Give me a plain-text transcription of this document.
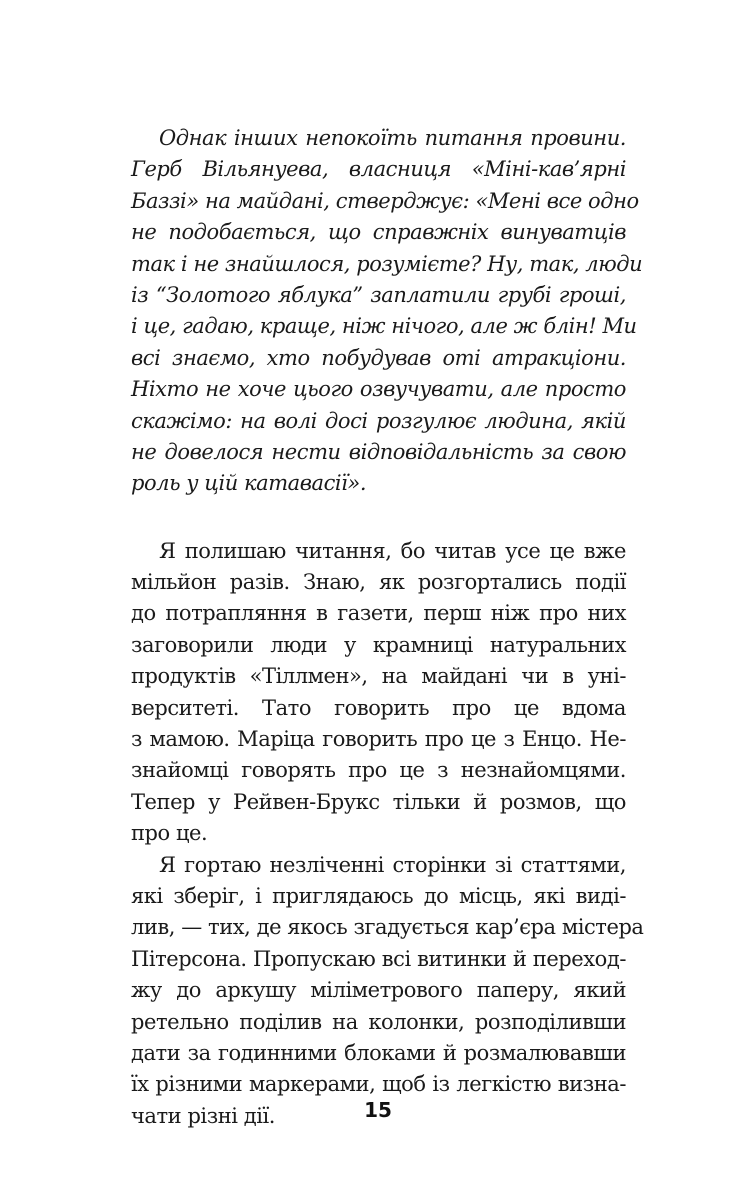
Однак інших непокоїть питання провини.
Герб Вільянуева, власниця «Міні-кав’ярні
Баззі» на майдані, стверджує: «Мені все одно
не подобається, що справжніх винуватців
так і не знайшлося, розумієте? Ну, так, люди
із “Золотого яблука” заплатили грубі гроші,
і це, гадаю, краще, ніж нічого, але ж блін! Ми
всі знаємо, хто побудував оті атракціони.
Ніхто не хоче цього озвучувати, але просто
скажімо: на волі досі розгулює людина, якій
не довелося нести відповідальність за свою
роль у цій катавасії».
Я полишаю читання, бо читав усе це вже
мільйон разів. Знаю, як розгортались події
до потрапляння в газети, перш ніж про них
заговорили люди у крамниці натуральних
продуктів «Тіллмен», на майдані чи в уні-
верситеті. Тато говорить про це вдома
з мамою. Маріца говорить про це з Енцо. Не-
знайомці говорять про це з незнайомцями.
Тепер у Рейвен-Брукс тільки й розмов, що
про це.
Я гортаю незліченні сторінки зі статтями,
які зберіг, і приглядаюсь до місць, які виді-
лив, — тих, де якось згадується кар’єра містера
Пітерсона. Пропускаю всі витинки й переход-
жу до аркушу міліметрового паперу, який
ретельно поділив на колонки, розподіливши
дати за годинними блоками й розмалювавши
їх різними маркерами, щоб із легкістю визна-
чати різні дії.	15
